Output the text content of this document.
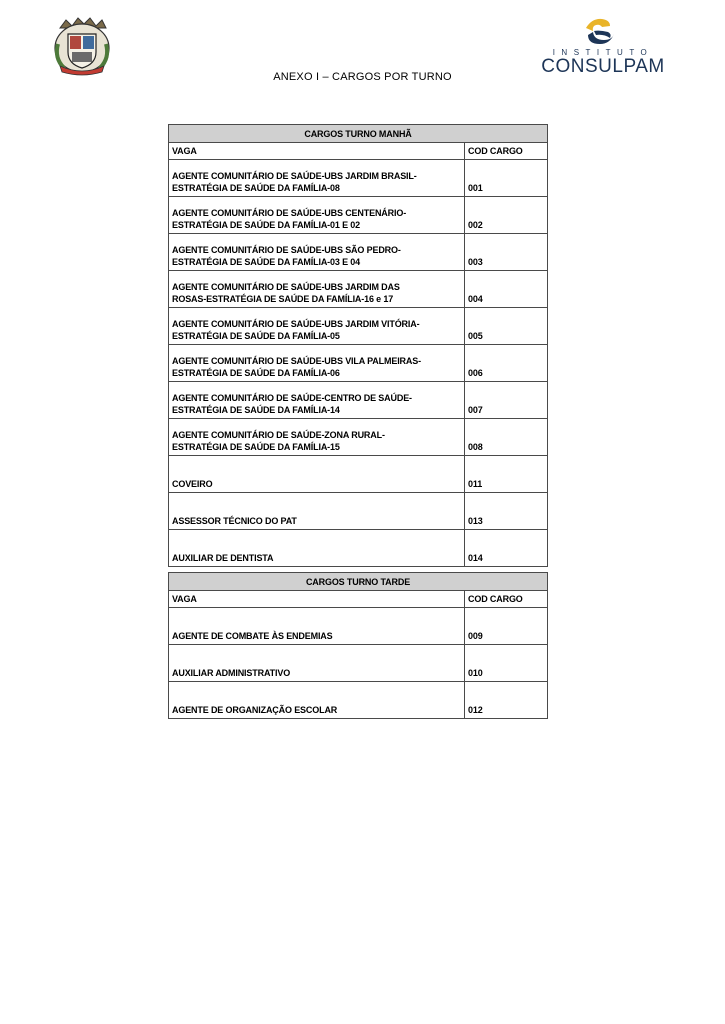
INSTITUTO
CONSULPAM
ANEXO I – CARGOS POR TURNO
CARGOS TURNO MANHÃ	
VAGA	COD CARGO

AGENTE COMUNITÁRIO DE SAÚDE-UBS JARDIM BRASIL-
ESTRATÉGIA DE SAÚDE DA FAMÍLIA-08	001

AGENTE COMUNITÁRIO DE SAÚDE-UBS CENTENÁRIO-
ESTRATÉGIA DE SAÚDE DA FAMÍLIA-01 E 02	002

AGENTE COMUNITÁRIO DE SAÚDE-UBS SÃO PEDRO-
ESTRATÉGIA DE SAÚDE DA FAMÍLIA-03 E 04	003

AGENTE COMUNITÁRIO DE SAÚDE-UBS JARDIM DAS
ROSAS-ESTRATÉGIA DE SAÚDE DA FAMÍLIA-16 e 17	004

AGENTE COMUNITÁRIO DE SAÚDE-UBS JARDIM VITÓRIA-
ESTRATÉGIA DE SAÚDE DA FAMÍLIA-05	005

AGENTE COMUNITÁRIO DE SAÚDE-UBS VILA PALMEIRAS-
ESTRATÉGIA DE SAÚDE DA FAMÍLIA-06	006

AGENTE COMUNITÁRIO DE SAÚDE-CENTRO DE SAÚDE-
ESTRATÉGIA DE SAÚDE DA FAMÍLIA-14	007

AGENTE COMUNITÁRIO DE SAÚDE-ZONA RURAL-
ESTRATÉGIA DE SAÚDE DA FAMÍLIA-15	008

COVEIRO	011

ASSESSOR TÉCNICO DO PAT	013

AUXILIAR DE DENTISTA	014
CARGOS TURNO TARDE	
VAGA	COD CARGO

AGENTE DE COMBATE ÀS ENDEMIAS	009

AUXILIAR ADMINISTRATIVO	010

AGENTE DE ORGANIZAÇÃO ESCOLAR	012
